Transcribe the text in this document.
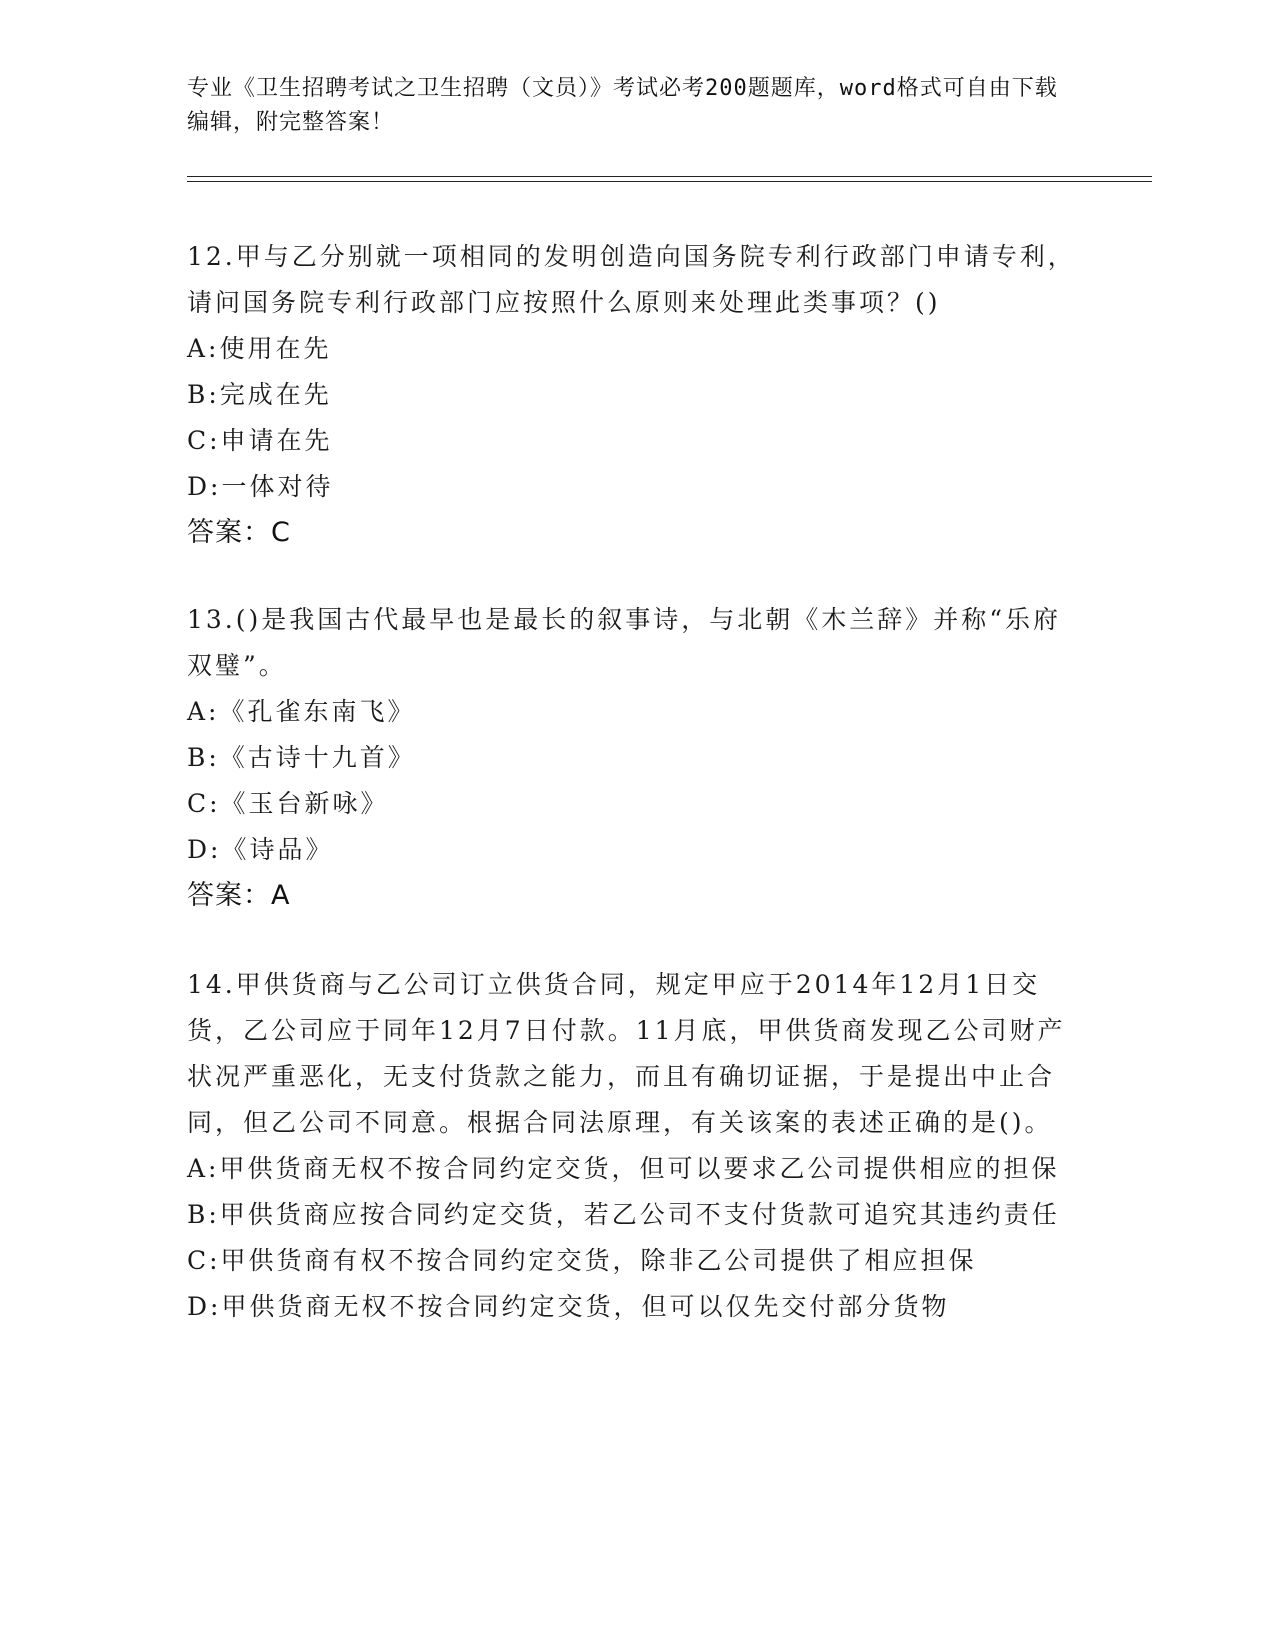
专业《卫生招聘考试之卫生招聘（文员）》考试必考200题题库，word格式可自由下载编辑，附完整答案！

12.甲与乙分别就一项相同的发明创造向国务院专利行政部门申请专利，请问国务院专利行政部门应按照什么原则来处理此类事项？()

A:使用在先

B:完成在先

C:申请在先

D:一体对待

答案：C

13.()是我国古代最早也是最长的叙事诗，与北朝《木兰辞》并称“乐府双璧”。

A:《孔雀东南飞》

B:《古诗十九首》

C:《玉台新咏》

D:《诗品》

答案：A

14.甲供货商与乙公司订立供货合同，规定甲应于2014年12月1日交货，乙公司应于同年12月7日付款。11月底，甲供货商发现乙公司财产状况严重恶化，无支付货款之能力，而且有确切证据，于是提出中止合同，但乙公司不同意。根据合同法原理，有关该案的表述正确的是()。

A:甲供货商无权不按合同约定交货，但可以要求乙公司提供相应的担保

B:甲供货商应按合同约定交货，若乙公司不支付货款可追究其违约责任

C:甲供货商有权不按合同约定交货，除非乙公司提供了相应担保

D:甲供货商无权不按合同约定交货，但可以仅先交付部分货物
